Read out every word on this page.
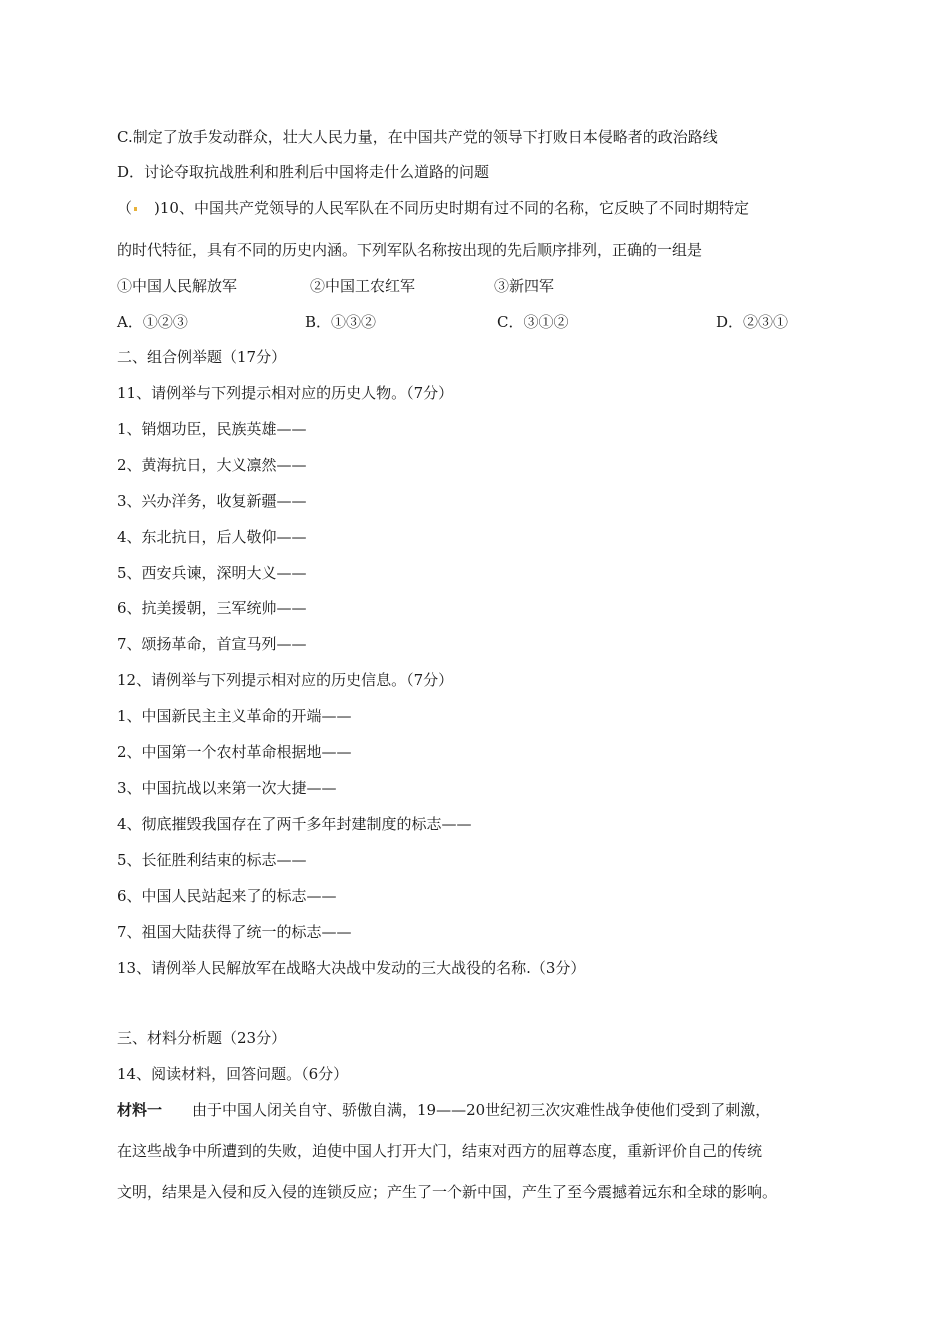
C.制定了放手发动群众，壮大人民力量，在中国共产党的领导下打败日本侵略者的政治路线
D．讨论夺取抗战胜利和胜利后中国将走什么道路的问题
（　)10、中国共产党领导的人民军队在不同历史时期有过不同的名称，它反映了不同时期特定
的时代特征，具有不同的历史内涵。下列军队名称按出现的先后顺序排列，正确的一组是
①中国人民解放军	②中国工农红军	③新四军
A．①②③	B．①③②	C．③①②	D．②③①
二、组合例举题（17分）
11、请例举与下列提示相对应的历史人物。（7分）
1、销烟功臣，民族英雄——
2、黄海抗日，大义凛然——
3、兴办洋务，收复新疆——
4、东北抗日，后人敬仰——
5、西安兵谏，深明大义——
6、抗美援朝，三军统帅——
7、颂扬革命，首宣马列——
12、请例举与下列提示相对应的历史信息。（7分）
1、中国新民主主义革命的开端——
2、中国第一个农村革命根据地——
3、中国抗战以来第一次大捷——
4、彻底摧毁我国存在了两千多年封建制度的标志——
5、长征胜利结束的标志——
6、中国人民站起来了的标志——
7、祖国大陆获得了统一的标志——
13、请例举人民解放军在战略大决战中发动的三大战役的名称.（3分）
三、材料分析题（23分）
14、阅读材料，回答问题。（6分）
材料一　　由于中国人闭关自守、骄傲自满，19——20世纪初三次灾难性战争使他们受到了刺激，
在这些战争中所遭到的失败，迫使中国人打开大门，结束对西方的屈尊态度，重新评价自己的传统
文明，结果是入侵和反入侵的连锁反应；产生了一个新中国，产生了至今震撼着远东和全球的影响。
